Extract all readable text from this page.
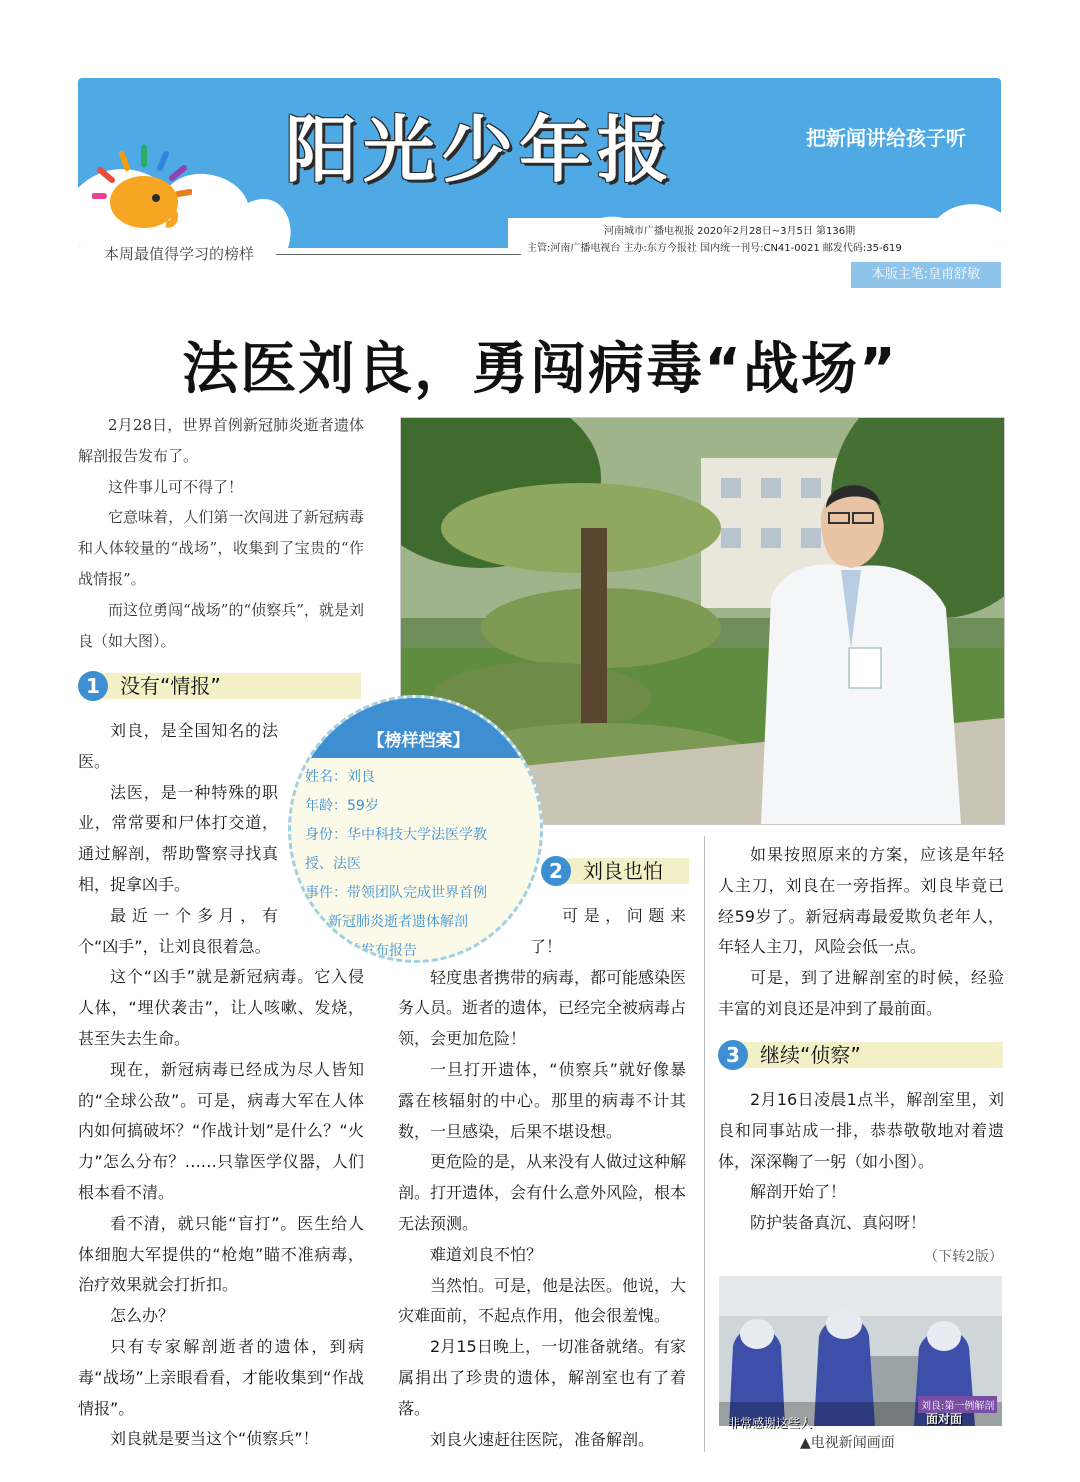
阳光少年报	把新闻讲给孩子听
河南城市广播电视报 2020年2月28日~3月5日 第136期
主管:河南广播电视台 主办:东方今报社 国内统一刊号:CN41-0021 邮发代码:35-619
本周最值得学习的榜样
本版主笔:皇甫舒敏
法医刘良，勇闯病毒“战场”

2月28日，世界首例新冠肺炎逝者遗体解剖报告发布了。

这件事儿可不得了！

它意味着，人们第一次闯进了新冠病毒和人体较量的“战场”，收集到了宝贵的“作战情报”。

而这位勇闯“战场”的“侦察兵”，就是刘良（如大图）。

1	没有“情报”

刘良，是全国知名的法医。

法医，是一种特殊的职业，常常要和尸体打交道，通过解剖，帮助警察寻找真相，捉拿凶手。

最近一个多月，有个“凶手”，让刘良很着急。

这个“凶手”就是新冠病毒。它入侵人体，“埋伏袭击”，让人咳嗽、发烧，甚至失去生命。

现在，新冠病毒已经成为尽人皆知的“全球公敌”。可是，病毒大军在人体内如何搞破坏？“作战计划”是什么？“火力”怎么分布？……只靠医学仪器，人们根本看不清。

看不清，就只能“盲打”。医生给人体细胞大军提供的“枪炮”瞄不准病毒，治疗效果就会打折扣。

怎么办？

只有专家解剖逝者的遗体，到病毒“战场”上亲眼看看，才能收集到“作战情报”。

刘良就是要当这个“侦察兵”！

【榜样档案】
姓名：刘良
年龄：59岁
身份：华中科技大学法医学教
授、法医
事件：带领团队完成世界首例
新冠肺炎逝者遗体解剖
并发布报告
2	刘良也怕

可是，问题来了！

轻度患者携带的病毒，都可能感染医务人员。逝者的遗体，已经完全被病毒占领，会更加危险！

一旦打开遗体，“侦察兵”就好像暴露在核辐射的中心。那里的病毒不计其数，一旦感染，后果不堪设想。

更危险的是，从来没有人做过这种解剖。打开遗体，会有什么意外风险，根本无法预测。

难道刘良不怕？

当然怕。可是，他是法医。他说，大灾难面前，不起点作用，他会很羞愧。

2月15日晚上，一切准备就绪。有家属捐出了珍贵的遗体，解剖室也有了着落。

刘良火速赶往医院，准备解剖。

如果按照原来的方案，应该是年轻人主刀，刘良在一旁指挥。刘良毕竟已经59岁了。新冠病毒最爱欺负老年人，年轻人主刀，风险会低一点。

可是，到了进解剖室的时候，经验丰富的刘良还是冲到了最前面。

3	继续“侦察”

2月16日凌晨1点半，解剖室里，刘良和同事站成一排，恭恭敬敬地对着遗体，深深鞠了一躬（如小图）。

解剖开始了！

防护装备真沉、真闷呀！

（下转2版）
刘良:第一例解剖
面对面
非常感谢这些人
▲电视新闻画面
